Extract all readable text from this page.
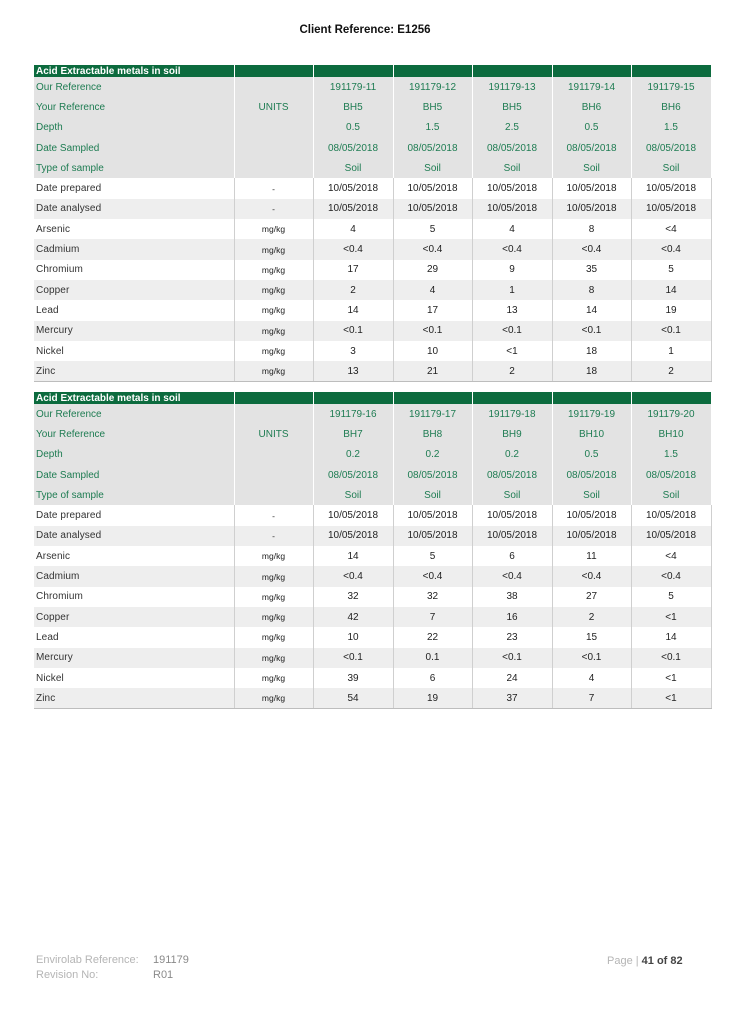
Client Reference: E1256
Acid Extractable metals in soil						
Our Reference		191179-11	191179-12	191179-13	191179-14	191179-15
Your Reference	UNITS	BH5	BH5	BH5	BH6	BH6
Depth		0.5	1.5	2.5	0.5	1.5
Date Sampled		08/05/2018	08/05/2018	08/05/2018	08/05/2018	08/05/2018
Type of sample		Soil	Soil	Soil	Soil	Soil
Date prepared	-	10/05/2018	10/05/2018	10/05/2018	10/05/2018	10/05/2018
Date analysed	-	10/05/2018	10/05/2018	10/05/2018	10/05/2018	10/05/2018
Arsenic	mg/kg	4	5	4	8	<4
Cadmium	mg/kg	<0.4	<0.4	<0.4	<0.4	<0.4
Chromium	mg/kg	17	29	9	35	5
Copper	mg/kg	2	4	1	8	14
Lead	mg/kg	14	17	13	14	19
Mercury	mg/kg	<0.1	<0.1	<0.1	<0.1	<0.1
Nickel	mg/kg	3	10	<1	18	1
Zinc	mg/kg	13	21	2	18	2
Acid Extractable metals in soil						
Our Reference		191179-16	191179-17	191179-18	191179-19	191179-20
Your Reference	UNITS	BH7	BH8	BH9	BH10	BH10
Depth		0.2	0.2	0.2	0.5	1.5
Date Sampled		08/05/2018	08/05/2018	08/05/2018	08/05/2018	08/05/2018
Type of sample		Soil	Soil	Soil	Soil	Soil
Date prepared	-	10/05/2018	10/05/2018	10/05/2018	10/05/2018	10/05/2018
Date analysed	-	10/05/2018	10/05/2018	10/05/2018	10/05/2018	10/05/2018
Arsenic	mg/kg	14	5	6	11	<4
Cadmium	mg/kg	<0.4	<0.4	<0.4	<0.4	<0.4
Chromium	mg/kg	32	32	38	27	5
Copper	mg/kg	42	7	16	2	<1
Lead	mg/kg	10	22	23	15	14
Mercury	mg/kg	<0.1	0.1	<0.1	<0.1	<0.1
Nickel	mg/kg	39	6	24	4	<1
Zinc	mg/kg	54	19	37	7	<1
Envirolab Reference: 191179
Revision No:	R01
Page | 41 of 82
